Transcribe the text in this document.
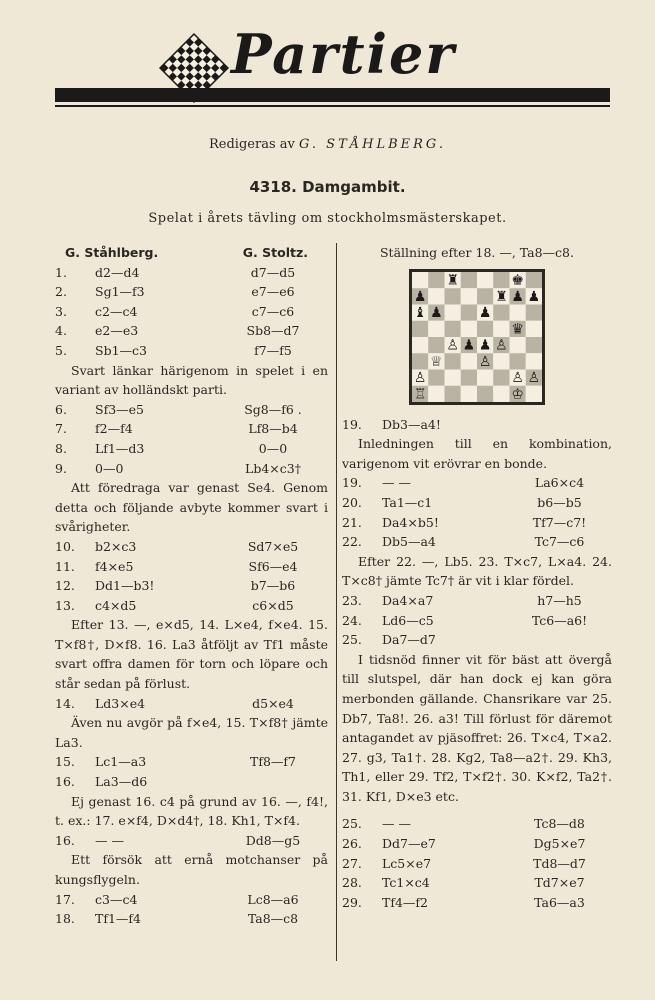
Partier
Redigeras av G. STÅHLBERG.
4318. Damgambit.
Spelat i årets tävling om stockholmsmästerskapet.
G. Ståhlberg.	G. Stoltz.
1.	d2—d4	d7—d5
2.	Sg1—f3	e7—e6
3.	c2—c4	c7—c6
4.	e2—e3	Sb8—d7
5.	Sb1—c3	f7—f5

Svart länkar härigenom in spelet i en variant av holländskt parti.

6.	Sf3—e5	Sg8—f6 .
7.	f2—f4	Lf8—b4
8.	Lf1—d3	0—0
9.	0—0	Lb4×c3†

Att föredraga var genast Se4. Genom detta och följande avbyte kommer svart i svårigheter.

10.	b2×c3	Sd7×e5
11.	f4×e5	Sf6—e4
12.	Dd1—b3!	b7—b6
13.	c4×d5	c6×d5

Efter 13. —, e×d5, 14. L×e4, f×e4. 15. T×f8†, D×f8. 16. La3 åtföljt av Tf1 måste svart offra damen för torn och löpare och står sedan på förlust.

14.	Ld3×e4	d5×e4

Även nu avgör på f×e4, 15. T×f8† jämte La3.

15.	Lc1—a3	Tf8—f7
16.	La3—d6

Ej genast 16. c4 på grund av 16. —, f4!, t. ex.: 17. e×f4, D×d4†, 18. Kh1, T×f4.

16.	— —	Dd8—g5

Ett försök att ernå motchanser på kungsflygeln.

17.	c3—c4	Lc8—a6
18.	Tf1—f4	Ta8—c8
Ställning efter 18. —, Ta8—c8.
♜	♚
♟	♜ ♟ ♟
♝ ♟	♟
♛
♙ ♟ ♟ ♙
♕	♙
♙	♙ ♙
♖	♔
19.	Db3—a4!

Inledningen till en kombination, varigenom vit erövrar en bonde.

19.	— —	La6×c4
20.	Ta1—c1	b6—b5
21.	Da4×b5!	Tf7—c7!
22.	Db5—a4	Tc7—c6

Efter 22. —, Lb5. 23. T×c7, L×a4. 24. T×c8† jämte Tc7† är vit i klar fördel.

23.	Da4×a7	h7—h5
24.	Ld6—c5	Tc6—a6!
25.	Da7—d7

I tidsnöd finner vit för bäst att övergå till slutspel, där han dock ej kan göra merbonden gällande. Chansrikare var 25. Db7, Ta8!. 26. a3! Till förlust för däremot antagandet av pjäsoffret: 26. T×c4, T×a2. 27. g3, Ta1†. 28. Kg2, Ta8—a2†. 29. Kh3, Th1, eller 29. Tf2, T×f2†. 30. K×f2, Ta2†. 31. Kf1, D×e3 etc.

25.	— —	Tc8—d8
26.	Dd7—e7	Dg5×e7
27.	Lc5×e7	Td8—d7
28.	Tc1×c4	Td7×e7
29.	Tf4—f2	Ta6—a3
